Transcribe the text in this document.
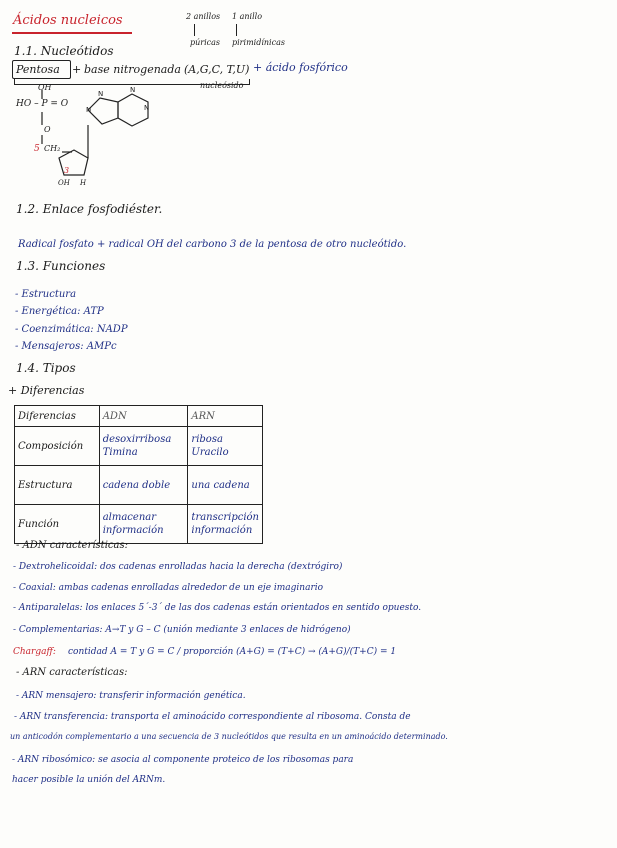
Ácidos nucleicos	2 anillos 1 anillo
púricas pirimidínicas
1.1. Nucleótidos
Pentosa + base nitrogenada (A,G,C, T,U) + ácido fosfórico
nucleósido
OH
HO – P = O
O
5 CH₂
3
OH H
N
N
N
N
1.2. Enlace fosfodiéster.
Radical fosfato + radical OH del carbono 3 de la pentosa de otro nucleótido.
1.3. Funciones
- Estructura
- Energética: ATP
- Coenzimática: NADP
- Mensajeros: AMPc
1.4. Tipos
+ Diferencias
Diferencias	ADN	ARN
Composición	desoxirribosa Timina	ribosa Uracilo
Estructura	cadena doble	una cadena
Función	almacenar información	transcripción información
- ADN características:
- Dextrohelicoidal: dos cadenas enrolladas hacia la derecha (dextrógiro)
- Coaxial: ambas cadenas enrolladas alrededor de un eje imaginario
- Antiparalelas: los enlaces 5´-3´ de las dos cadenas están orientados en sentido opuesto.
- Complementarias: A→T y G – C (unión mediante 3 enlaces de hidrógeno)
Chargaff: contidad A = T y G = C / proporción (A+G) = (T+C) → (A+G)/(T+C) = 1
- ARN características:
- ARN mensajero: transferir información genética.
- ARN transferencia: transporta el aminoácido correspondiente al ribosoma. Consta de
un anticodón complementario a una secuencia de 3 nucleótidos que resulta en un aminoácido determinado.
- ARN ribosómico: se asocia al componente proteico de los ribosomas para
hacer posible la unión del ARNm.
